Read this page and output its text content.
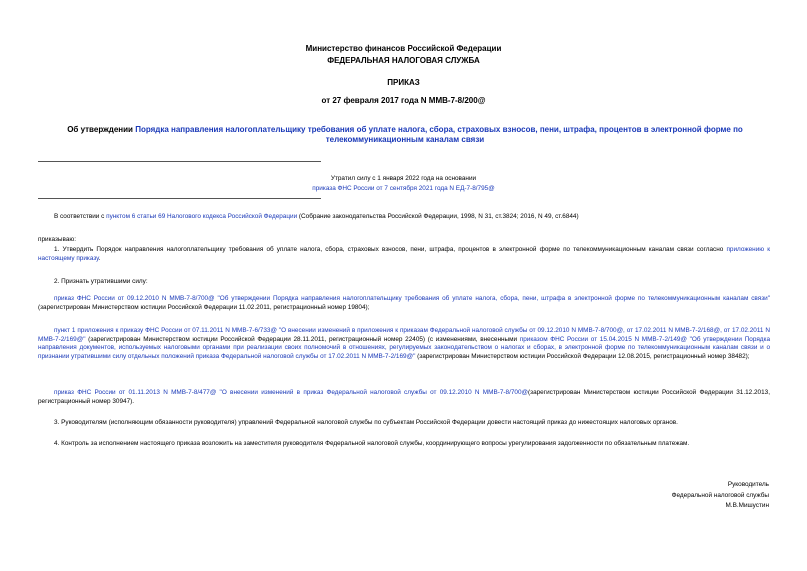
Министерство финансов Российской Федерации
ФЕДЕРАЛЬНАЯ НАЛОГОВАЯ СЛУЖБА
ПРИКАЗ
от 27 февраля 2017 года N ММВ-7-8/200@
Об утверждении Порядка направления налогоплательщику требования об уплате налога, сбора, страховых взносов, пени, штрафа, процентов в электронной форме по телекоммуникационным каналам связи
Утратил силу с 1 января 2022 года на основании
приказа ФНС России от 7 сентября 2021 года N ЕД-7-8/795@
В соответствии с пунктом 6 статьи 69 Налогового кодекса Российской Федерации (Собрание законодательства Российской Федерации, 1998, N 31, ст.3824; 2016, N 49, ст.6844)
приказываю:
1. Утвердить Порядок направления налогоплательщику требования об уплате налога, сбора, страховых взносов, пени, штрафа, процентов в электронной форме по телекоммуникационным каналам связи согласно приложению к настоящему приказу.
2. Признать утратившими силу:
приказ ФНС России от 09.12.2010 N ММВ-7-8/700@ "Об утверждении Порядка направления налогоплательщику требования об уплате налога, сбора, пени, штрафа в электронной форме по телекоммуникационным каналам связи" (зарегистрирован Министерством юстиции Российской Федерации 11.02.2011, регистрационный номер 19804);
пункт 1 приложения к приказу ФНС России от 07.11.2011 N ММВ-7-6/733@ "О внесении изменений в приложения к приказам Федеральной налоговой службы от 09.12.2010 N ММВ-7-8/700@, от 17.02.2011 N ММВ-7-2/168@, от 17.02.2011 N ММВ-7-2/169@" (зарегистрирован Министерством юстиции Российской Федерации 28.11.2011, регистрационный номер 22405) (с изменениями, внесенными приказом ФНС России от 15.04.2015 N ММВ-7-2/149@ "Об утверждении Порядка направления документов, используемых налоговыми органами при реализации своих полномочий в отношениях, регулируемых законодательством о налогах и сборах, в электронной форме по телекоммуникационным каналам связи и о признании утратившими силу отдельных положений приказа Федеральной налоговой службы от 17.02.2011 N ММВ-7-2/169@" (зарегистрирован Министерством юстиции Российской Федерации 12.08.2015, регистрационный номер 38482);
приказ ФНС России от 01.11.2013 N ММВ-7-8/477@ "О внесении изменений в приказ Федеральной налоговой службы от 09.12.2010 N ММВ-7-8/700@(зарегистрирован Министерством юстиции Российской Федерации 31.12.2013, регистрационный номер 30947).
3. Руководителям (исполняющим обязанности руководителя) управлений Федеральной налоговой службы по субъектам Российской Федерации довести настоящий приказ до нижестоящих налоговых органов.
4. Контроль за исполнением настоящего приказа возложить на заместителя руководителя Федеральной налоговой службы, координирующего вопросы урегулирования задолженности по обязательным платежам.
Руководитель
Федеральной налоговой службы
М.В.Мишустин
